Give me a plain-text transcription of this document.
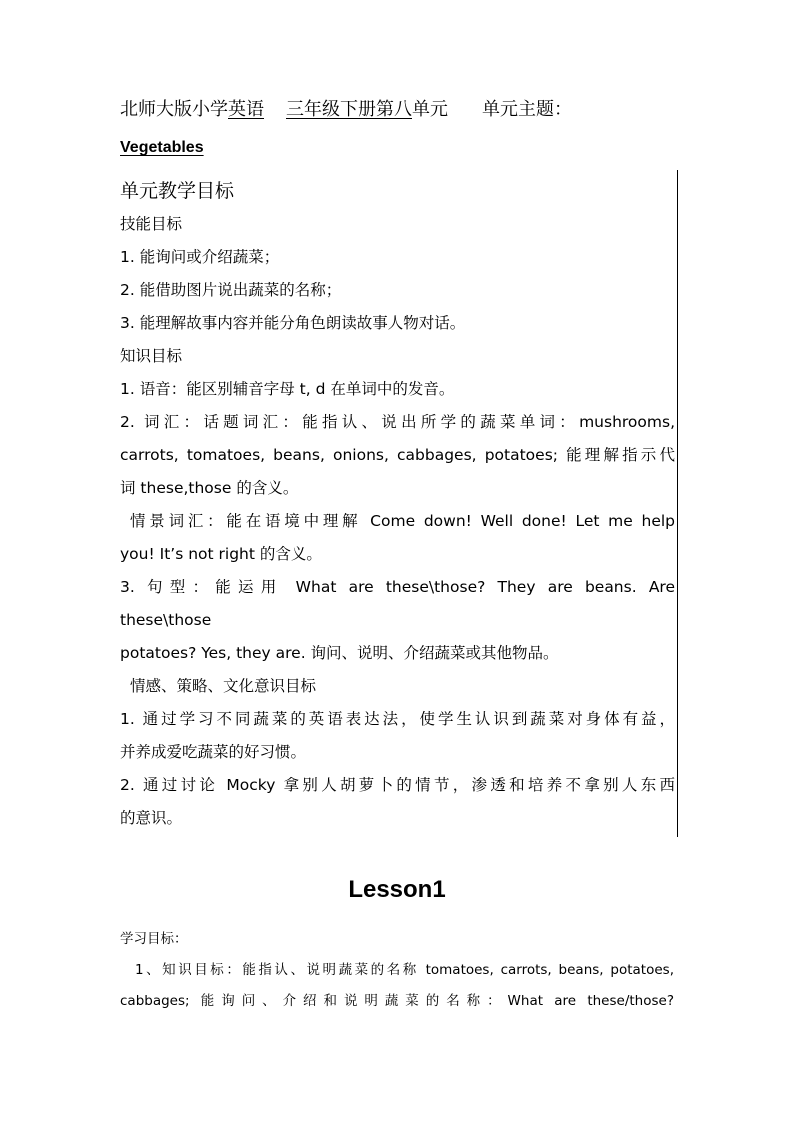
北师大版小学英语 三年级下册第八单元 单元主题：
Vegetables
单元教学目标
技能目标
1. 能询问或介绍蔬菜；
2. 能借助图片说出蔬菜的名称；
3. 能理解故事内容并能分角色朗读故事人物对话。
知识目标
1. 语音：能区别辅音字母 t, d 在单词中的发音。
2. 词汇：话题词汇：能指认、说出所学的蔬菜单词：mushrooms,
carrots, tomatoes, beans, onions, cabbages, potatoes; 能理解指示代
词 these,those 的含义。
情景词汇：能在语境中理解 Come down! Well done! Let me help
you! It’s not right 的含义。
3. 句型：能运用 What are these\those? They are beans. Are
these\those
potatoes? Yes, they are. 询问、说明、介绍蔬菜或其他物品。
情感、策略、文化意识目标
1. 通过学习不同蔬菜的英语表达法，使学生认识到蔬菜对身体有益，
并养成爱吃蔬菜的好习惯。
2. 通过讨论 Mocky 拿别人胡萝卜的情节，渗透和培养不拿别人东西
的意识。
Lesson1
学习目标：
1、知识目标：能指认、说明蔬菜的名称 tomatoes, carrots, beans, potatoes,
cabbages; 能询问、介绍和说明蔬菜的名称：What are these/those?
